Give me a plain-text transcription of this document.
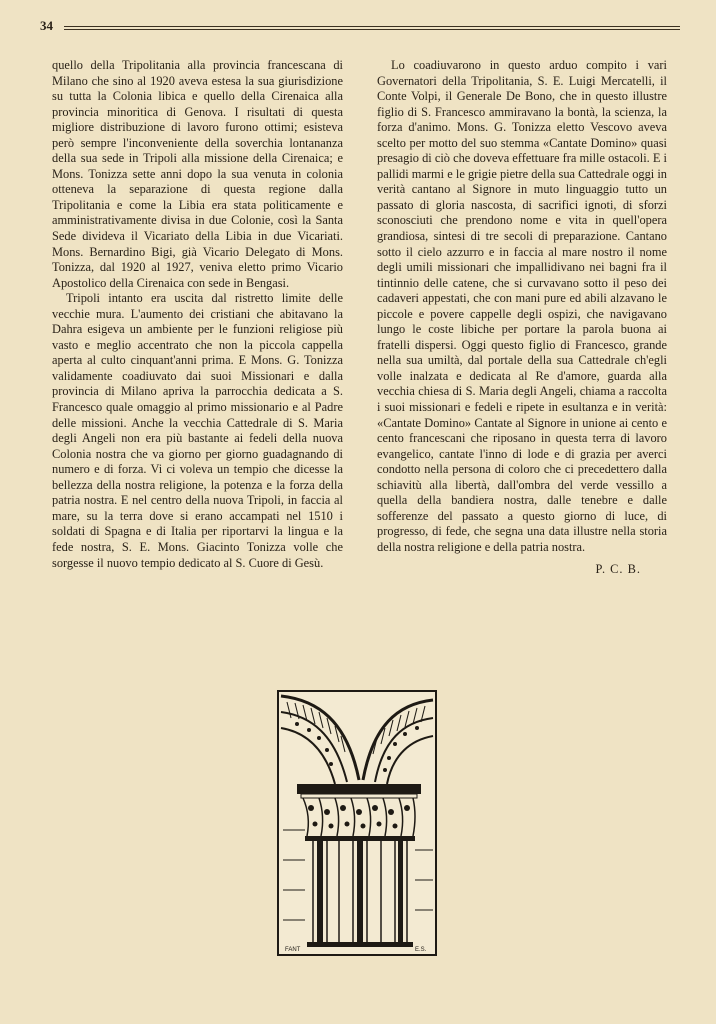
34

quello della Tripolitania alla provincia francescana di Milano che sino al 1920 aveva estesa la sua giurisdizione su tutta la Colonia libica e quello della Cirenaica alla provincia minoritica di Genova. I risultati di questa migliore distribuzione di lavoro furono ottimi; esisteva però sempre l'inconveniente della soverchia lontananza della sua sede in Tripoli alla missione della Cirenaica; e Mons. Tonizza sette anni dopo la sua venuta in colonia otteneva la separazione di questa regione dalla Tripolitania e come la Libia era stata politicamente e amministrativamente divisa in due Colonie, così la Santa Sede divideva il Vicariato della Libia in due Vicariati. Mons. Bernardino Bigi, già Vicario Delegato di Mons. Tonizza, dal 1920 al 1927, veniva eletto primo Vicario Apostolico della Cirenaica con sede in Bengasi.

Tripoli intanto era uscita dal ristretto limite delle vecchie mura. L'aumento dei cristiani che abitavano la Dahra esigeva un ambiente per le funzioni religiose più vasto e meglio accentrato che non la piccola cappella aperta al culto cinquant'anni prima. E Mons. G. Tonizza validamente coadiuvato dai suoi Missionari e dalla provincia di Milano apriva la parrocchia dedicata a S. Francesco quale omaggio al primo missionario e al Padre delle missioni. Anche la vecchia Cattedrale di S. Maria degli Angeli non era più bastante ai fedeli della nuova Colonia nostra che va giorno per giorno guadagnando di numero e di forza. Vi ci voleva un tempio che dicesse la bellezza della nostra religione, la potenza e la forza della patria nostra. E nel centro della nuova Tripoli, in faccia al mare, su la terra dove si erano accampati nel 1510 i soldati di Spagna e di Italia per riportarvi la lingua e la fede nostra, S. E. Mons. Giacinto Tonizza volle che sorgesse il nuovo tempio dedicato al S. Cuore di Gesù.

Lo coadiuvarono in questo arduo compito i vari Governatori della Tripolitania, S. E. Luigi Mercatelli, il Conte Volpi, il Generale De Bono, che in questo illustre figlio di S. Francesco ammiravano la bontà, la scienza, la forza d'animo. Mons. G. Tonizza eletto Vescovo aveva scelto per motto del suo stemma «Cantate Domino» quasi presagio di ciò che doveva effettuare fra mille ostacoli. E i pallidi marmi e le grigie pietre della sua Cattedrale oggi in verità cantano al Signore in muto linguaggio tutto un passato di gloria nascosta, di sacrifici ignoti, di sforzi sconosciuti che prendono nome e vita in quell'opera grandiosa, sintesi di tre secoli di preparazione. Cantano sotto il cielo azzurro e in faccia al mare nostro il nome degli umili missionari che impallidivano nei bagni fra il tintinnio delle catene, che si curvavano sotto il peso dei cadaveri appestati, che con mani pure ed abili alzavano le piccole e povere cappelle degli ospizi, che navigavano lungo le coste libiche per portare la parola buona ai fratelli dispersi. Oggi questo figlio di Francesco, grande nella sua umiltà, dal portale della sua Cattedrale ch'egli volle inalzata e dedicata al Re d'amore, guarda alla vecchia chiesa di S. Maria degli Angeli, chiama a raccolta i suoi missionari e fedeli e ripete in esultanza e in verità: «Cantate Domino» Cantate al Signore in unione ai cento e cento francescani che riposano in questa terra di lavoro evangelico, cantate l'inno di lode e di grazia per averci condotto nella persona di coloro che ci precedettero dalla schiavitù alla libertà, dall'ombra del verde vessillo a quella della bandiera nostra, dalle tenebre e dalle sofferenze del passato a questo giorno di luce, di progresso, di fede, che segna una data illustre nella storia della nostra religione e della patria nostra.

P. C. B.

FANT	E.S.
